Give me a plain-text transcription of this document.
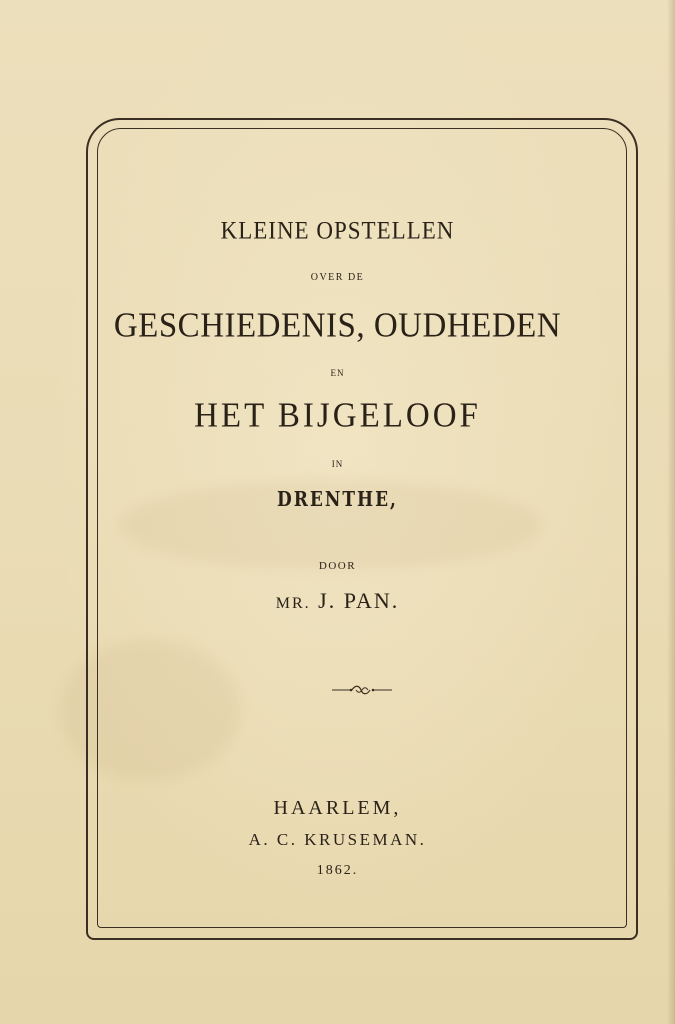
KLEINE OPSTELLEN
OVER DE
GESCHIEDENIS, OUDHEDEN
EN
HET BIJGELOOF
IN
DRENTHE,
DOOR
MR. J. PAN.
HAARLEM,
A. C. KRUSEMAN.
1862.
